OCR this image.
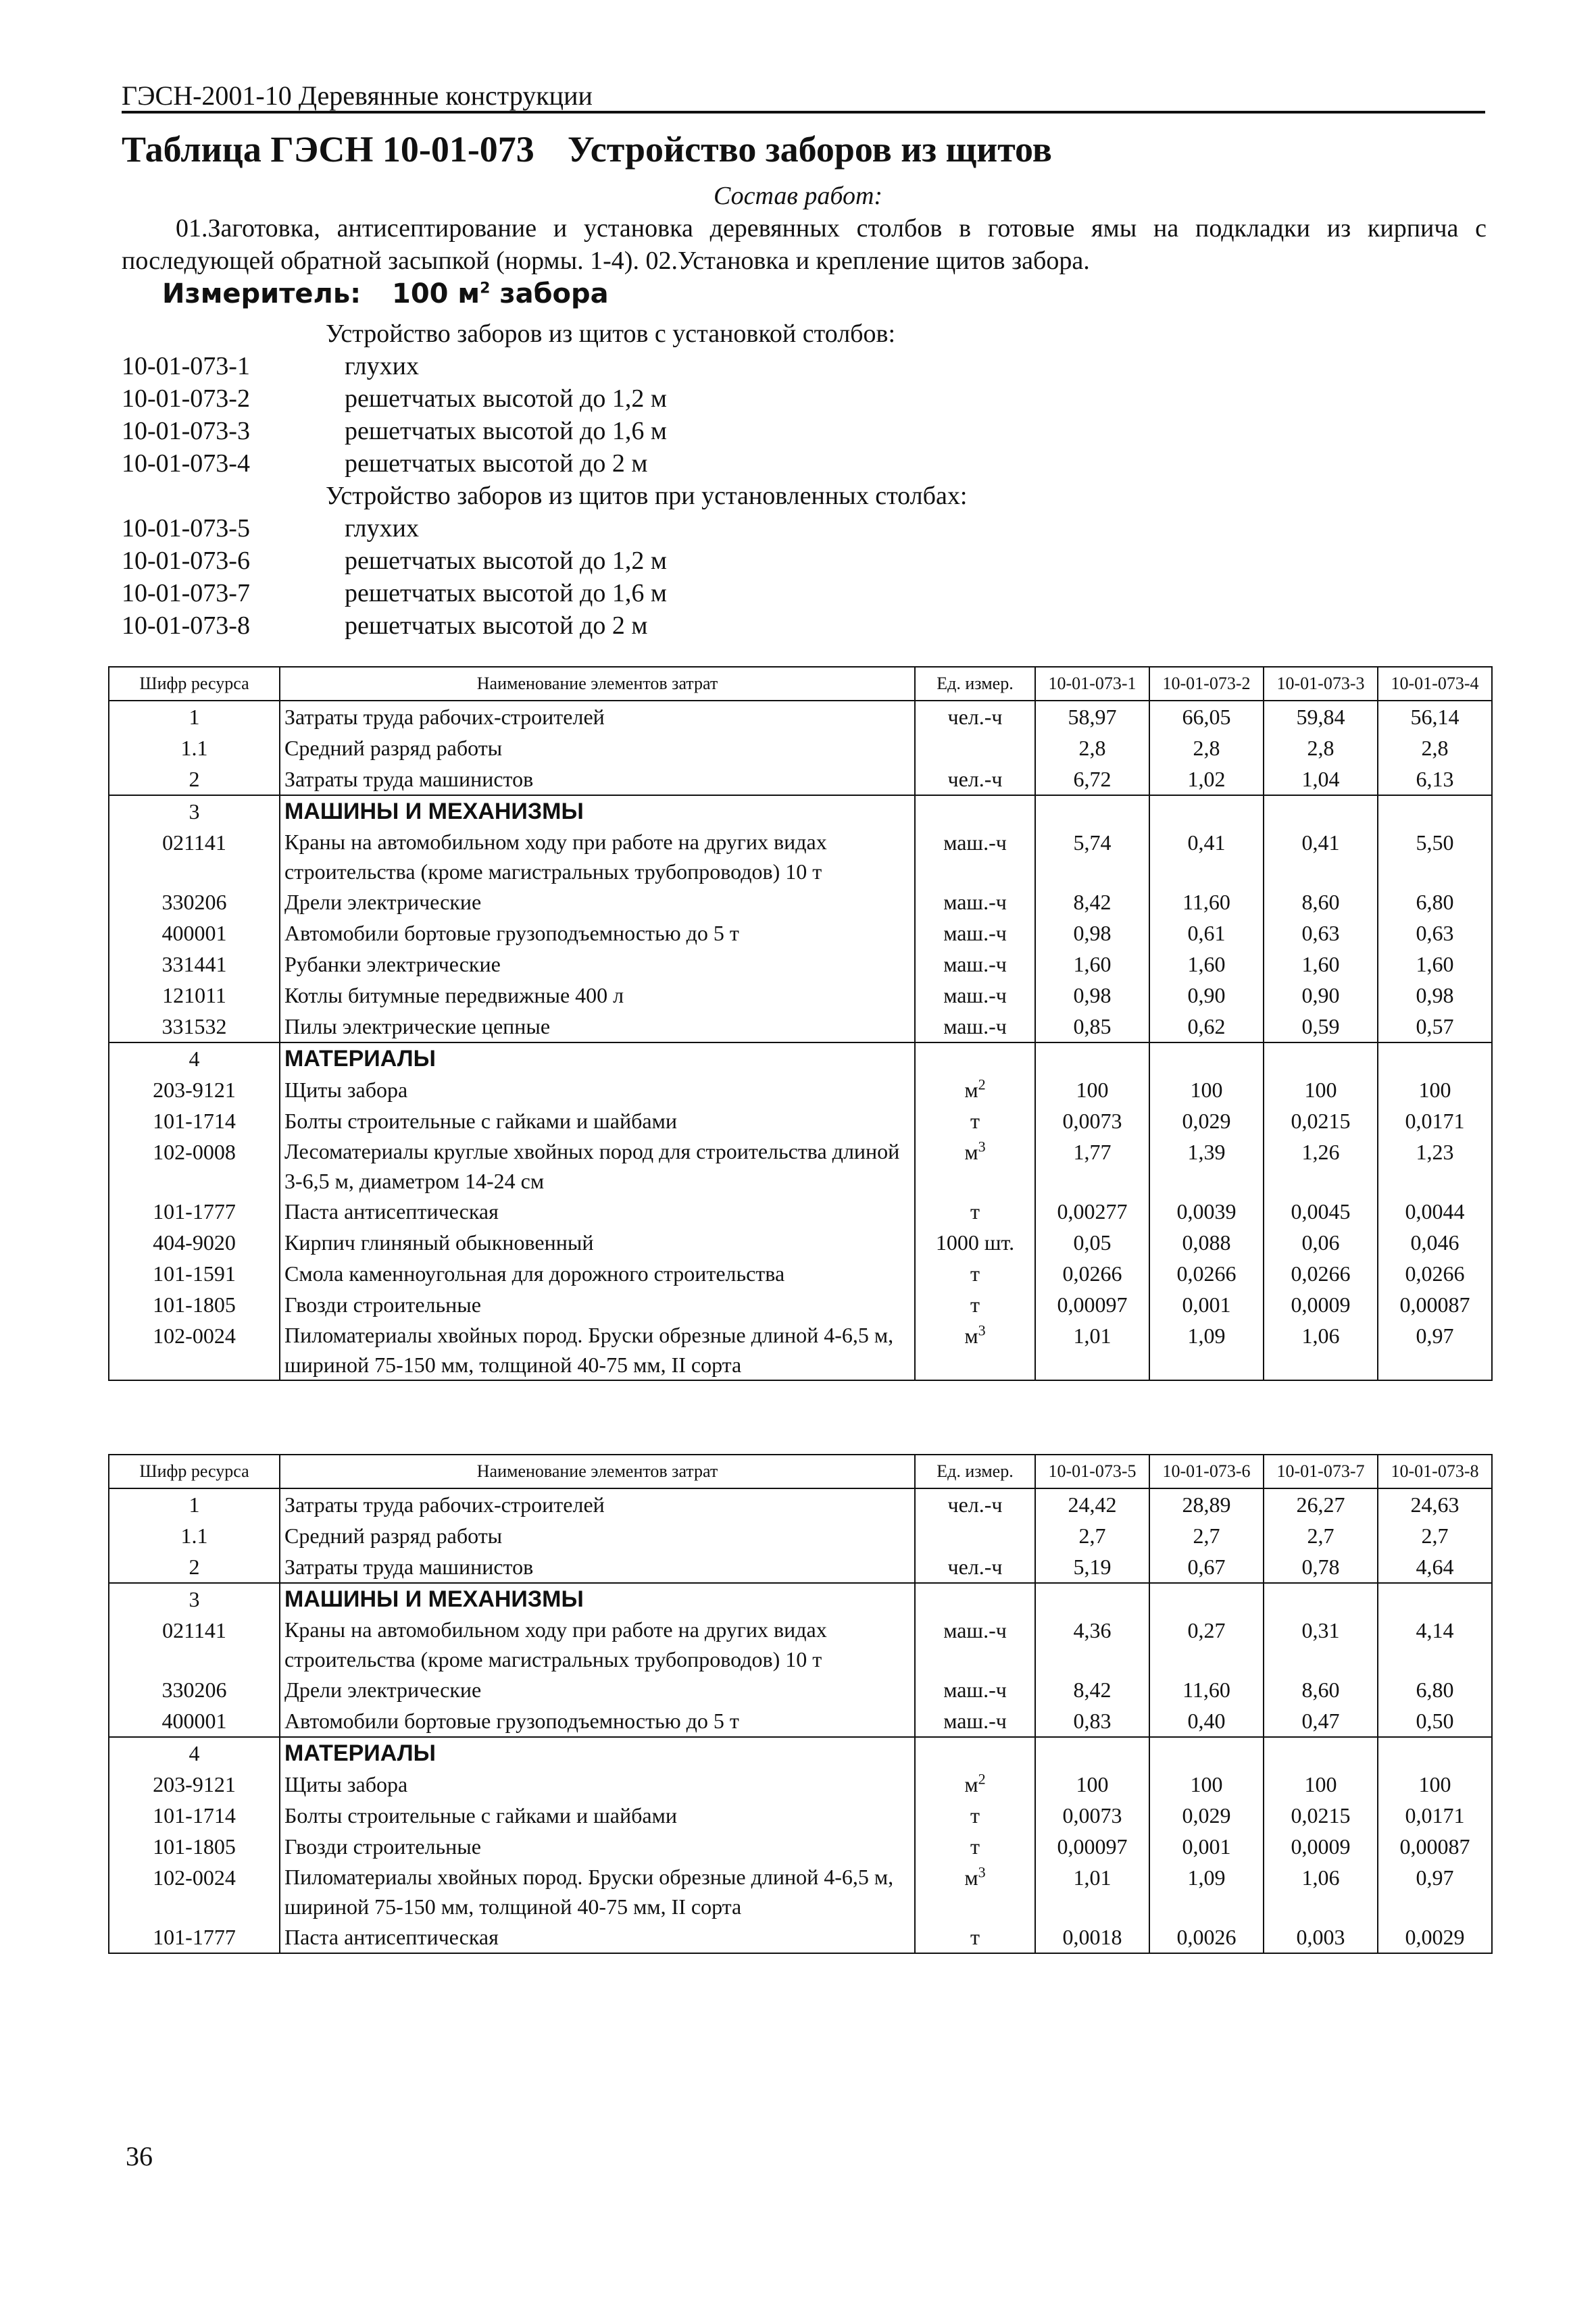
ГЭСН-2001-10 Деревянные конструкции
Таблица ГЭСН 10-01-073 Устройство заборов из щитов
Состав работ:
01.Заготовка, антисептирование и установка деревянных столбов в готовые ямы на подкладки из кирпича с последующей обратной засыпкой (нормы. 1-4). 02.Установка и крепление щитов забора.
Измеритель: 100 $м^2$ забора
Устройство заборов из щитов с установкой столбов:
10-01-073-1	глухих
10-01-073-2	решетчатых высотой до 1,2 м
10-01-073-3	решетчатых высотой до 1,6 м
10-01-073-4	решетчатых высотой до 2 м
Устройство заборов из щитов при установленных столбах:
10-01-073-5	глухих
10-01-073-6	решетчатых высотой до 1,2 м
10-01-073-7	решетчатых высотой до 1,6 м
10-01-073-8	решетчатых высотой до 2 м
Шифр ресурса	Наименование элементов затрат	Ед. измер.	10-01-073-1	10-01-073-2	10-01-073-3	10-01-073-4
1	Затраты труда рабочих-строителей	чел.-ч	58,97	66,05	59,84	56,14
1.1	Средний разряд работы		2,8	2,8	2,8	2,8
2	Затраты труда машинистов	чел.-ч	6,72	1,02	1,04	6,13
3	МАШИНЫ И МЕХАНИЗМЫ					
021141	Краны на автомобильном ходу при работе на других видах строительства (кроме магистральных трубопроводов) 10 т	маш.-ч	5,74	0,41	0,41	5,50
330206	Дрели электрические	маш.-ч	8,42	11,60	8,60	6,80
400001	Автомобили бортовые грузоподъемностью до 5 т	маш.-ч	0,98	0,61	0,63	0,63
331441	Рубанки электрические	маш.-ч	1,60	1,60	1,60	1,60
121011	Котлы битумные передвижные 400 л	маш.-ч	0,98	0,90	0,90	0,98
331532	Пилы электрические цепные	маш.-ч	0,85	0,62	0,59	0,57
4	МАТЕРИАЛЫ					
203-9121	Щиты забора	$м^2$	100	100	100	100
101-1714	Болты строительные с гайками и шайбами	т	0,0073	0,029	0,0215	0,0171
102-0008	Лесоматериалы круглые хвойных пород для строительства длиной 3-6,5 м, диаметром 14-24 см	$м^3$	1,77	1,39	1,26	1,23
101-1777	Паста антисептическая	т	0,00277	0,0039	0,0045	0,0044
404-9020	Кирпич глиняный обыкновенный	1000 шт.	0,05	0,088	0,06	0,046
101-1591	Смола каменноугольная для дорожного строительства	т	0,0266	0,0266	0,0266	0,0266
101-1805	Гвозди строительные	т	0,00097	0,001	0,0009	0,00087
102-0024	Пиломатериалы хвойных пород. Бруски обрезные длиной 4-6,5 м, шириной 75-150 мм, толщиной 40-75 мм, II сорта	$м^3$	1,01	1,09	1,06	0,97
Шифр ресурса	Наименование элементов затрат	Ед. измер.	10-01-073-5	10-01-073-6	10-01-073-7	10-01-073-8
1	Затраты труда рабочих-строителей	чел.-ч	24,42	28,89	26,27	24,63
1.1	Средний разряд работы		2,7	2,7	2,7	2,7
2	Затраты труда машинистов	чел.-ч	5,19	0,67	0,78	4,64
3	МАШИНЫ И МЕХАНИЗМЫ					
021141	Краны на автомобильном ходу при работе на других видах строительства (кроме магистральных трубопроводов) 10 т	маш.-ч	4,36	0,27	0,31	4,14
330206	Дрели электрические	маш.-ч	8,42	11,60	8,60	6,80
400001	Автомобили бортовые грузоподъемностью до 5 т	маш.-ч	0,83	0,40	0,47	0,50
4	МАТЕРИАЛЫ					
203-9121	Щиты забора	$м^2$	100	100	100	100
101-1714	Болты строительные с гайками и шайбами	т	0,0073	0,029	0,0215	0,0171
101-1805	Гвозди строительные	т	0,00097	0,001	0,0009	0,00087
102-0024	Пиломатериалы хвойных пород. Бруски обрезные длиной 4-6,5 м, шириной 75-150 мм, толщиной 40-75 мм, II сорта	$м^3$	1,01	1,09	1,06	0,97
101-1777	Паста антисептическая	т	0,0018	0,0026	0,003	0,0029
36
